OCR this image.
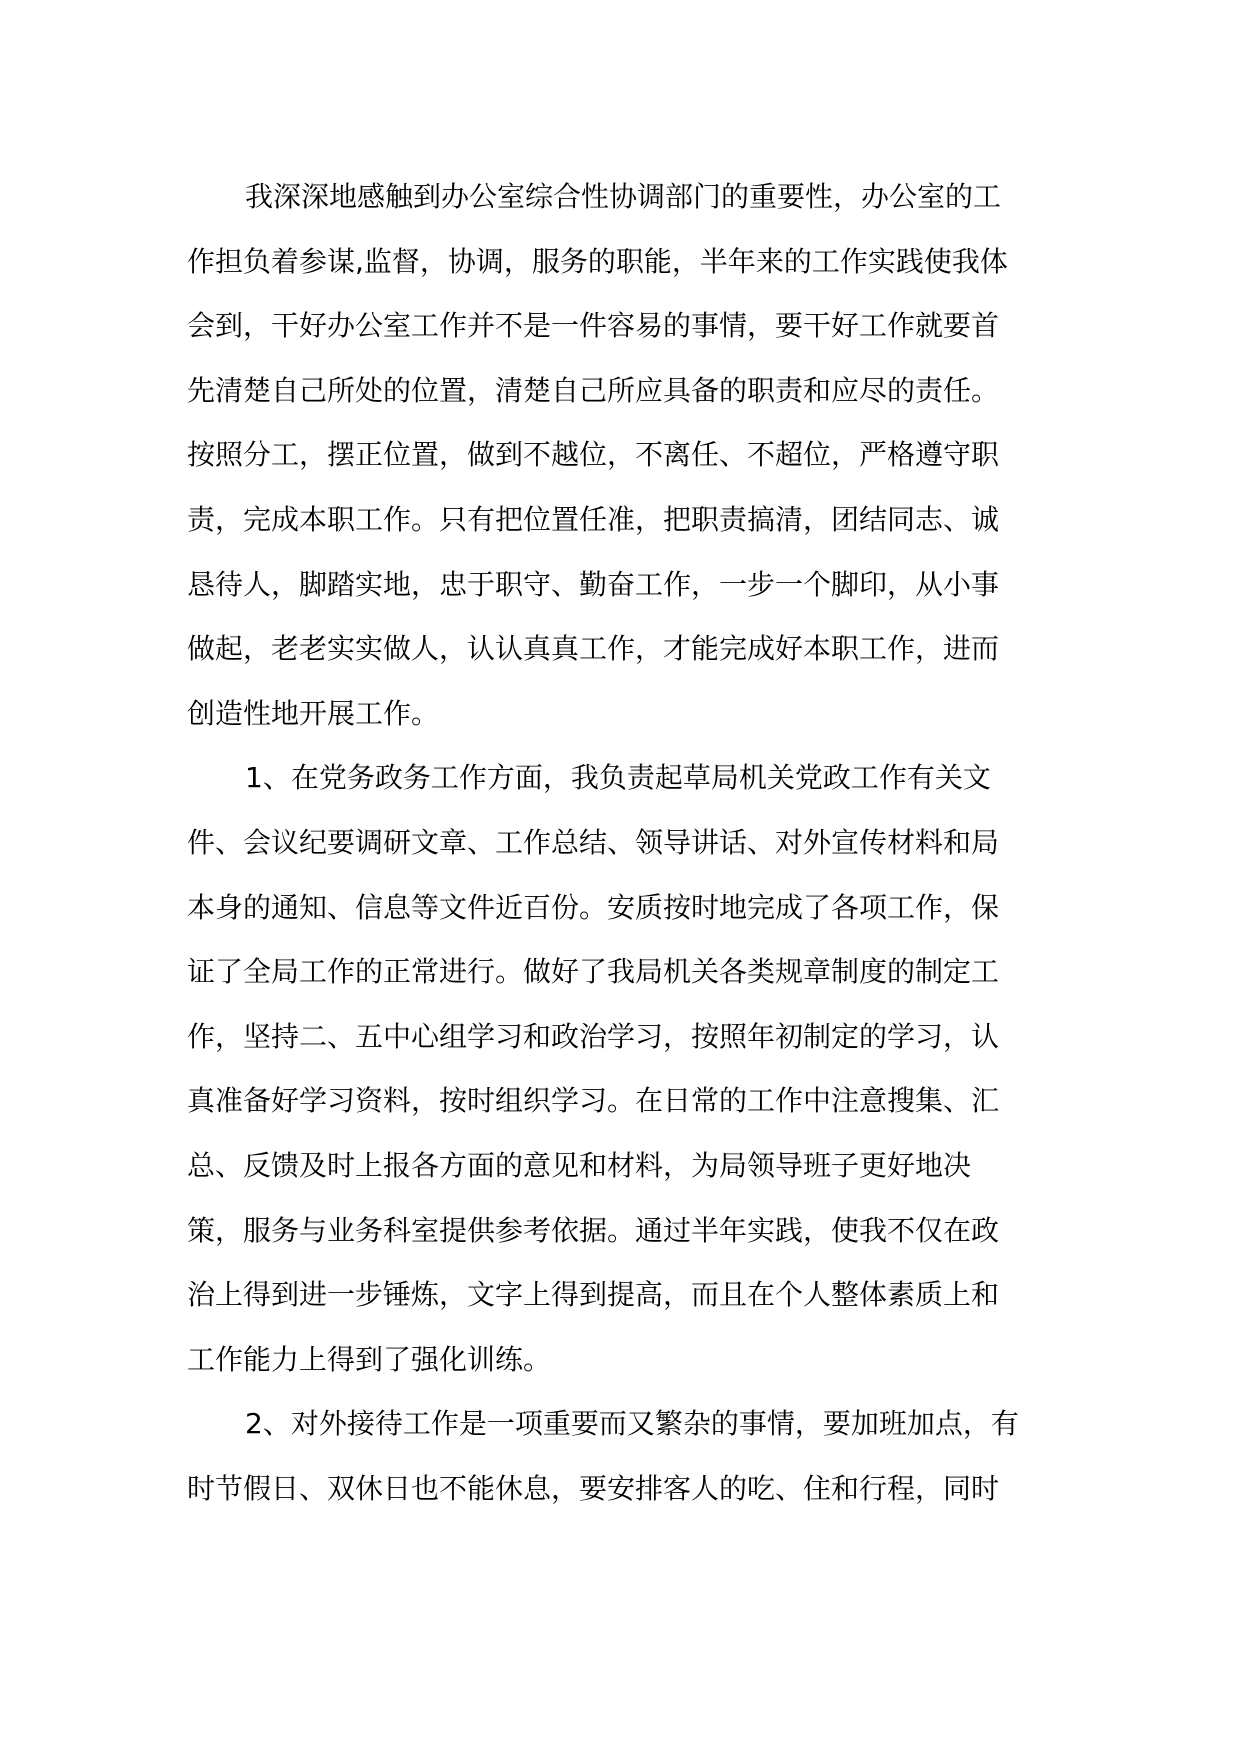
我深深地感触到办公室综合性协调部门的重要性，办公室的工
作担负着参谋,监督，协调，服务的职能，半年来的工作实践使我体
会到，干好办公室工作并不是一件容易的事情，要干好工作就要首
先清楚自己所处的位置，清楚自己所应具备的职责和应尽的责任。
按照分工，摆正位置，做到不越位，不离任、不超位，严格遵守职
责，完成本职工作。只有把位置任准，把职责搞清，团结同志、诚
恳待人，脚踏实地，忠于职守、勤奋工作，一步一个脚印，从小事
做起，老老实实做人，认认真真工作，才能完成好本职工作，进而
创造性地开展工作。
1、在党务政务工作方面，我负责起草局机关党政工作有关文
件、会议纪要调研文章、工作总结、领导讲话、对外宣传材料和局
本身的通知、信息等文件近百份。安质按时地完成了各项工作，保
证了全局工作的正常进行。做好了我局机关各类规章制度的制定工
作，坚持二、五中心组学习和政治学习，按照年初制定的学习，认
真准备好学习资料，按时组织学习。在日常的工作中注意搜集、汇
总、反馈及时上报各方面的意见和材料，为局领导班子更好地决
策，服务与业务科室提供参考依据。通过半年实践，使我不仅在政
治上得到进一步锤炼，文字上得到提高，而且在个人整体素质上和
工作能力上得到了强化训练。
2、对外接待工作是一项重要而又繁杂的事情，要加班加点，有
时节假日、双休日也不能休息，要安排客人的吃、住和行程，同时
